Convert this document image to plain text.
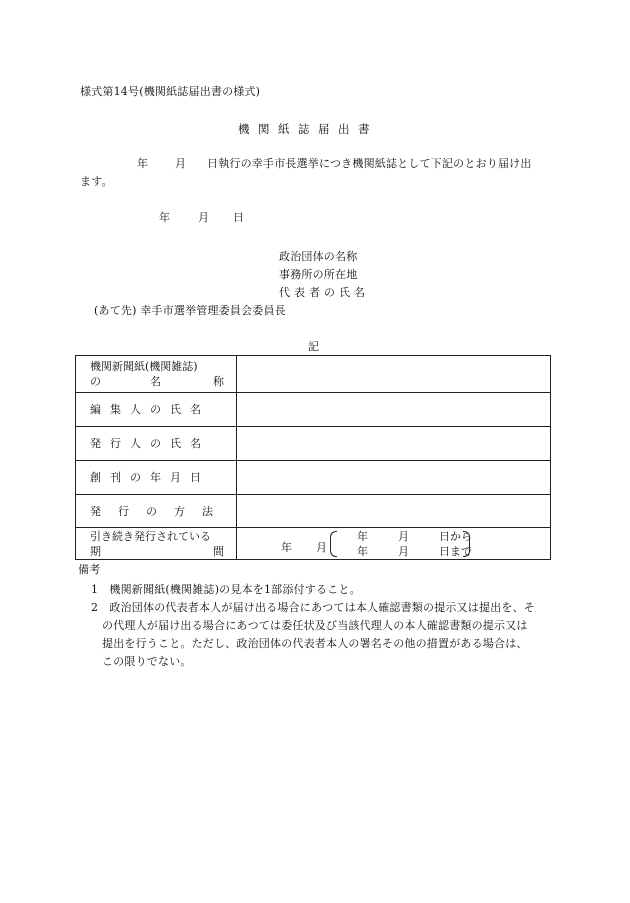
様式第14号(機関紙誌届出書の様式)
機関紙誌届出書
年 月 日執行の幸手市長選挙につき機関紙誌として下記のとおり届け出
ます。
年	月 日
政治団体の名称
事務所の所在地
代表者の氏名
(あて先) 幸手市選挙管理委員会委員長
記
機関新聞紙(機関雑誌)
の	名	称
編集人の氏名
発行人の氏名
創刊の年月日
発行の方法
引き続き発行されている
期	間	年 月
年	月	日から
年	月	日まで
備考
1　機関新聞紙(機関雑誌)の見本を1部添付すること。
2　政治団体の代表者本人が届け出る場合にあつては本人確認書類の提示又は提出を、そ
の代理人が届け出る場合にあつては委任状及び当該代理人の本人確認書類の提示又は
提出を行うこと。ただし、政治団体の代表者本人の署名その他の措置がある場合は、
この限りでない。
